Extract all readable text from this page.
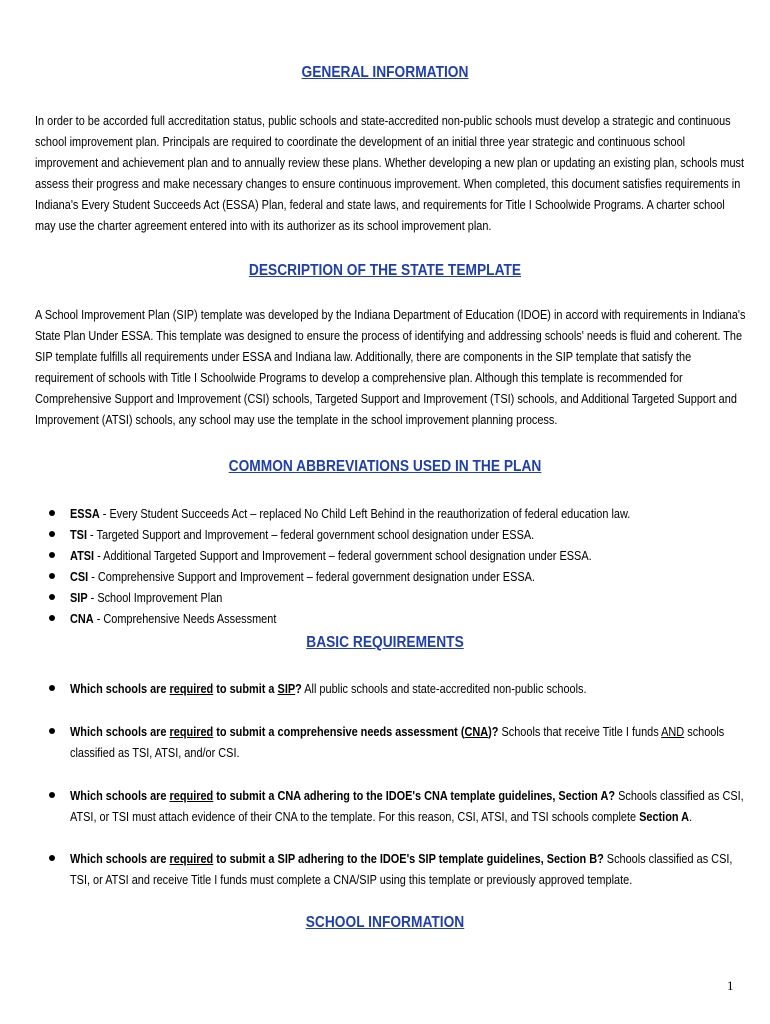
GENERAL INFORMATION
In order to be accorded full accreditation status, public schools and state-accredited non-public schools must develop a strategic and continuous
school improvement plan. Principals are required to coordinate the development of an initial three year strategic and continuous school
improvement and achievement plan and to annually review these plans. Whether developing a new plan or updating an existing plan, schools must
assess their progress and make necessary changes to ensure continuous improvement. When completed, this document satisfies requirements in
Indiana's Every Student Succeeds Act (ESSA) Plan, federal and state laws, and requirements for Title I Schoolwide Programs. A charter school
may use the charter agreement entered into with its authorizer as its school improvement plan.
DESCRIPTION OF THE STATE TEMPLATE
A School Improvement Plan (SIP) template was developed by the Indiana Department of Education (IDOE) in accord with requirements in Indiana's
State Plan Under ESSA. This template was designed to ensure the process of identifying and addressing schools' needs is fluid and coherent. The
SIP template fulfills all requirements under ESSA and Indiana law. Additionally, there are components in the SIP template that satisfy the
requirement of schools with Title I Schoolwide Programs to develop a comprehensive plan. Although this template is recommended for
Comprehensive Support and Improvement (CSI) schools, Targeted Support and Improvement (TSI) schools, and Additional Targeted Support and
Improvement (ATSI) schools, any school may use the template in the school improvement planning process.
COMMON ABBREVIATIONS USED IN THE PLAN
ESSA - Every Student Succeeds Act – replaced No Child Left Behind in the reauthorization of federal education law.
TSI - Targeted Support and Improvement – federal government school designation under ESSA.
ATSI - Additional Targeted Support and Improvement – federal government school designation under ESSA.
CSI - Comprehensive Support and Improvement – federal government designation under ESSA.
SIP - School Improvement Plan
CNA - Comprehensive Needs Assessment
BASIC REQUIREMENTS
Which schools are required to submit a SIP? All public schools and state-accredited non-public schools.
Which schools are required to submit a comprehensive needs assessment (CNA)? Schools that receive Title I funds AND schools
classified as TSI, ATSI, and/or CSI.
Which schools are required to submit a CNA adhering to the IDOE's CNA template guidelines, Section A? Schools classified as CSI,
ATSI, or TSI must attach evidence of their CNA to the template. For this reason, CSI, ATSI, and TSI schools complete Section A.
Which schools are required to submit a SIP adhering to the IDOE's SIP template guidelines, Section B? Schools classified as CSI,
TSI, or ATSI and receive Title I funds must complete a CNA/SIP using this template or previously approved template.
SCHOOL INFORMATION
1
